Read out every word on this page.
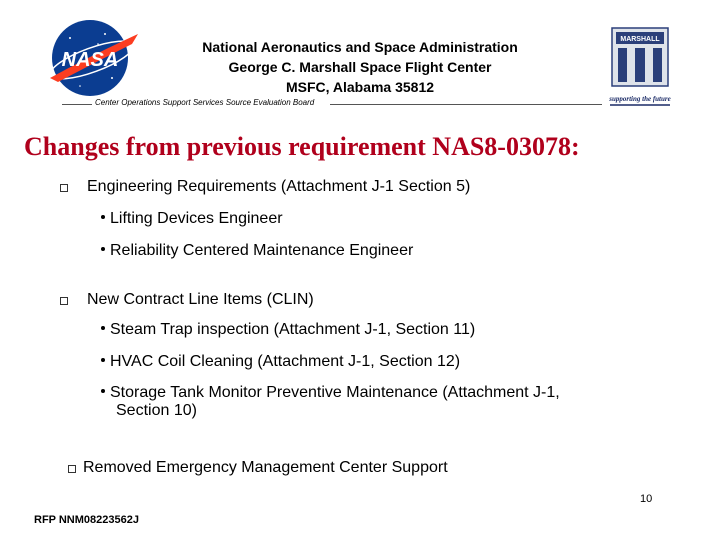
NASA
National Aeronautics and Space Administration
George C. Marshall Space Flight Center
MSFC, Alabama 35812
Center Operations Support Services Source Evaluation Board
MARSHALL
supporting the future
Changes from previous requirement NAS8-03078:
Engineering Requirements (Attachment J-1 Section 5)
Lifting Devices Engineer
Reliability Centered Maintenance Engineer
New Contract Line Items (CLIN)
Steam Trap inspection (Attachment J-1, Section 11)
HVAC Coil Cleaning (Attachment J-1, Section 12)
Storage Tank Monitor Preventive Maintenance (Attachment J-1,
Section 10)
Removed Emergency Management Center Support
10
RFP NNM08223562J
